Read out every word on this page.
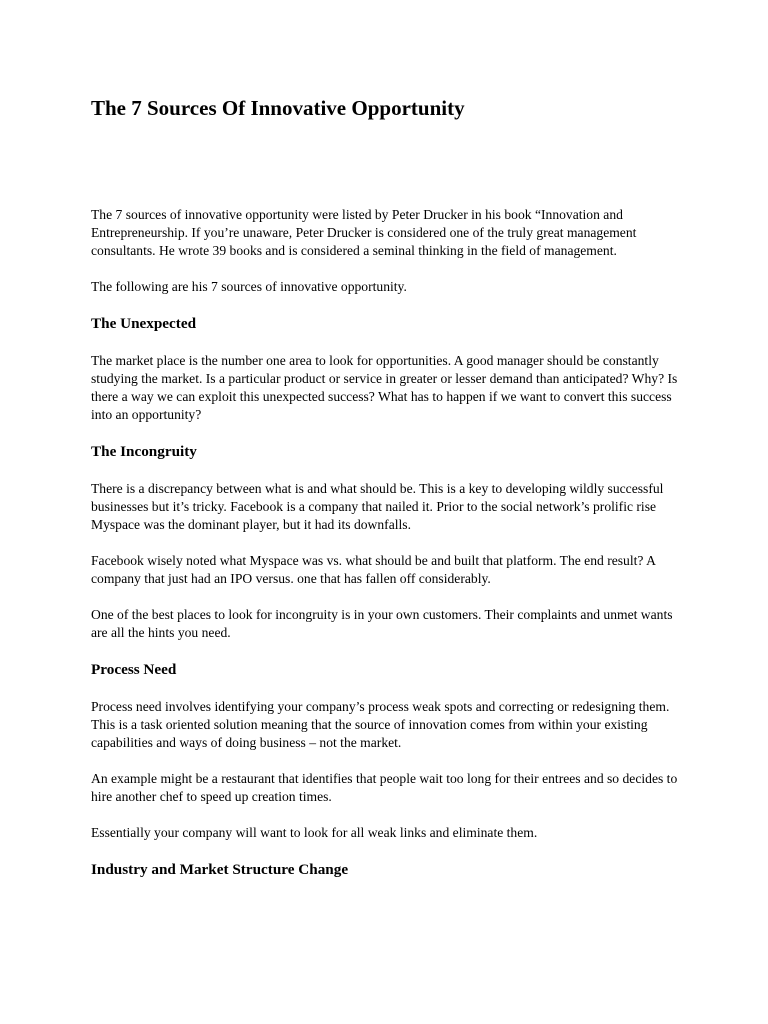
The 7 Sources Of Innovative Opportunity

The 7 sources of innovative opportunity were listed by Peter Drucker in his book “Innovation and Entrepreneurship. If you’re unaware, Peter Drucker is considered one of the truly great management consultants. He wrote 39 books and is considered a seminal thinking in the field of management.

The following are his 7 sources of innovative opportunity.

The Unexpected

The market place is the number one area to look for opportunities. A good manager should be constantly studying the market. Is a particular product or service in greater or lesser demand than anticipated? Why? Is there a way we can exploit this unexpected success? What has to happen if we want to convert this success into an opportunity?

The Incongruity

There is a discrepancy between what is and what should be. This is a key to developing wildly successful businesses but it’s tricky. Facebook is a company that nailed it. Prior to the social network’s prolific rise Myspace was the dominant player, but it had its downfalls.

Facebook wisely noted what Myspace was vs. what should be and built that platform. The end result? A company that just had an IPO versus. one that has fallen off considerably.

One of the best places to look for incongruity is in your own customers. Their complaints and unmet wants are all the hints you need.

Process Need

Process need involves identifying your company’s process weak spots and correcting or redesigning them. This is a task oriented solution meaning that the source of innovation comes from within your existing capabilities and ways of doing business – not the market.

An example might be a restaurant that identifies that people wait too long for their entrees and so decides to hire another chef to speed up creation times.

Essentially your company will want to look for all weak links and eliminate them.

Industry and Market Structure Change
